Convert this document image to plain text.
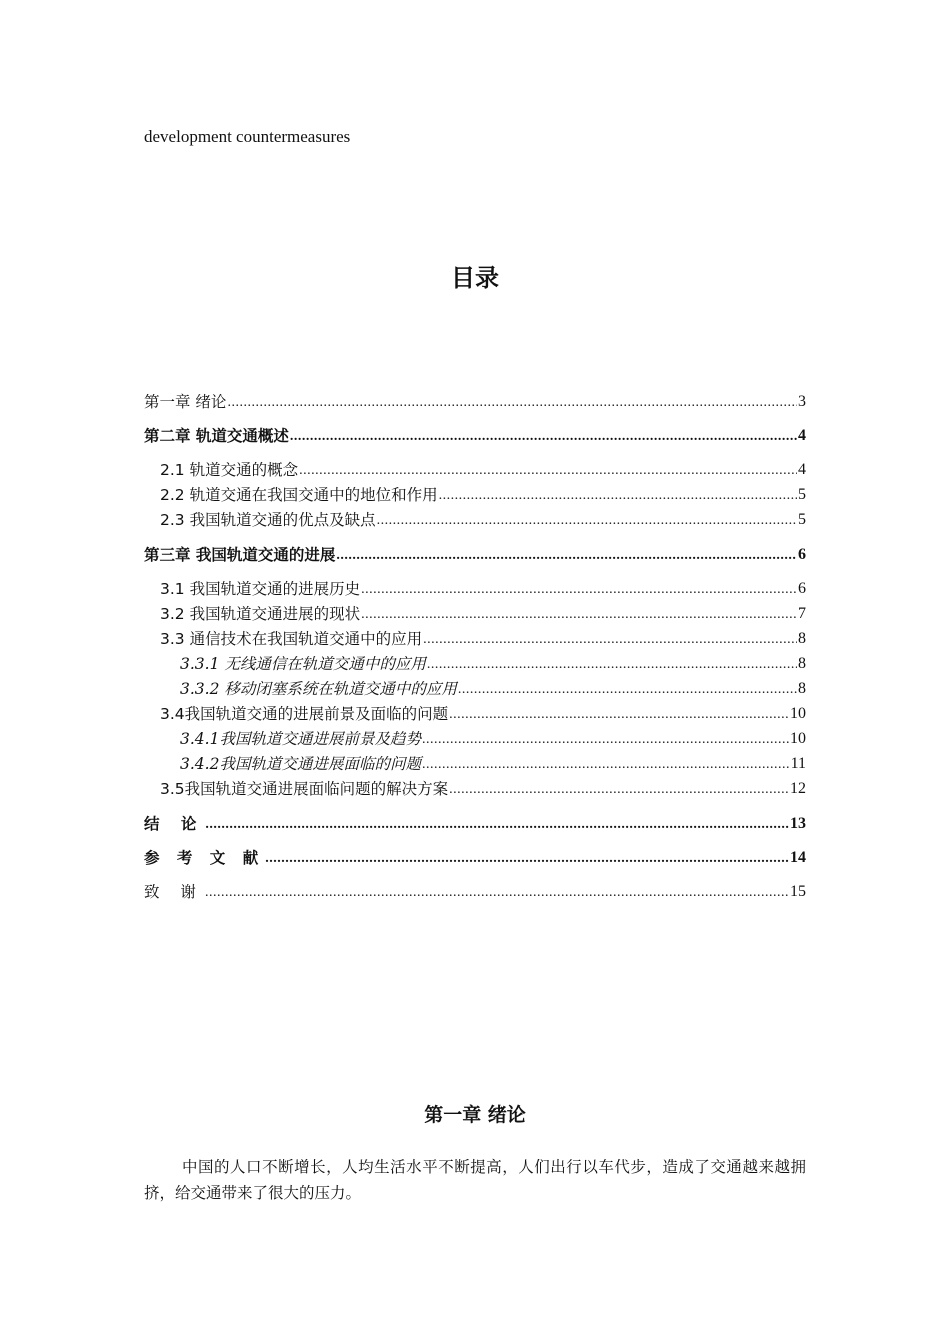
development countermeasures
目录
第一章 绪论 .....	3
第二章 轨道交通概述 .....	4
2.1 轨道交通的概念 .....	4
2.2 轨道交通在我国交通中的地位和作用 .....	5
2.3 我国轨道交通的优点及缺点 .....	5
第三章 我国轨道交通的进展 .....	6
3.1 我国轨道交通的进展历史 .....	6
3.2 我国轨道交通进展的现状 .....	7
3.3 通信技术在我国轨道交通中的应用 .....	8
3.3.1 无线通信在轨道交通中的应用 .....	8
3.3.2 移动闭塞系统在轨道交通中的应用 .....	8
3.4我国轨道交通的进展前景及面临的问题 .....	10
3.4.1我国轨道交通进展前景及趋势 .....	10
3.4.2我国轨道交通进展面临的问题 .....	11
3.5我国轨道交通进展面临问题的解决方案 .....	12
结 论 .....	13
参 考 文 献 .....	14
致 谢 .....	15
第一章 绪论
中国的人口不断增长，人均生活水平不断提高，人们出行以车代步，造成了交通越来越拥挤，给交通带来了很大的压力。
